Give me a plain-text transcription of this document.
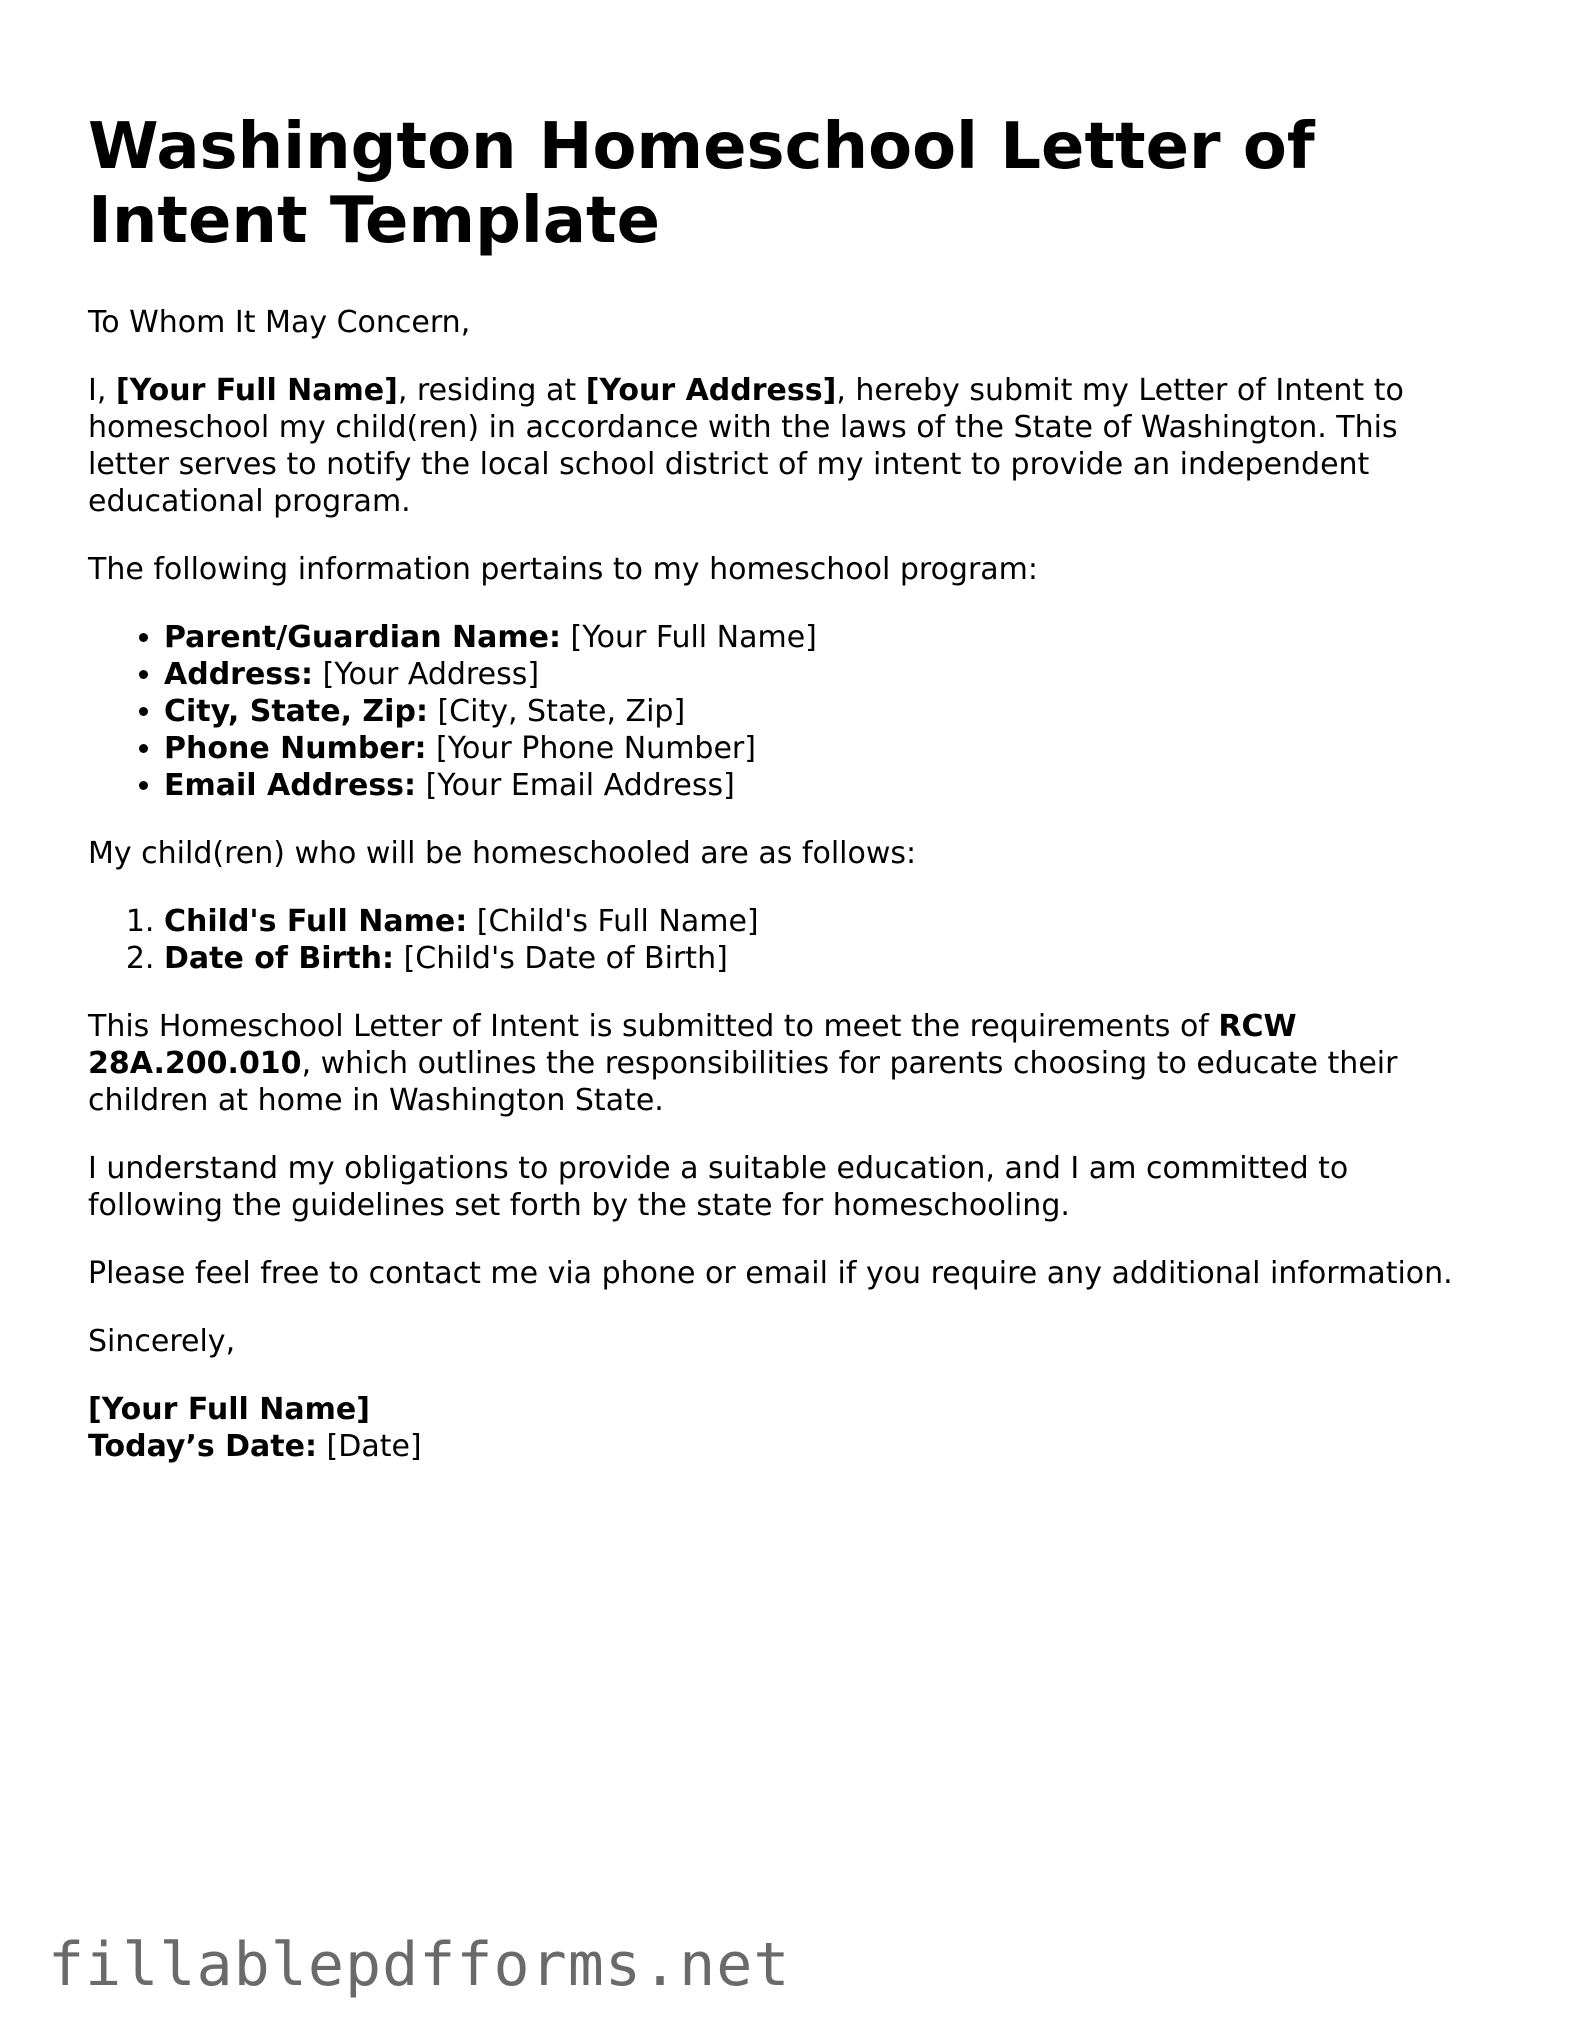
Washington Homeschool Letter of Intent Template

To Whom It May Concern,

I, [Your Full Name], residing at [Your Address], hereby submit my Letter of Intent to homeschool my child(ren) in accordance with the laws of the State of Washington. This letter serves to notify the local school district of my intent to provide an independent educational program.

The following information pertains to my homeschool program:

• Parent/Guardian Name: [Your Full Name]
• Address: [Your Address]
• City, State, Zip: [City, State, Zip]
• Phone Number: [Your Phone Number]
• Email Address: [Your Email Address]

My child(ren) who will be homeschooled are as follows:

1. Child's Full Name: [Child's Full Name]
2. Date of Birth: [Child's Date of Birth]

This Homeschool Letter of Intent is submitted to meet the requirements of RCW 28A.200.010, which outlines the responsibilities for parents choosing to educate their children at home in Washington State.

I understand my obligations to provide a suitable education, and I am committed to following the guidelines set forth by the state for homeschooling.

Please feel free to contact me via phone or email if you require any additional information.

Sincerely,

[Your Full Name]
Today’s Date: [Date]

fillablepdfforms.net
